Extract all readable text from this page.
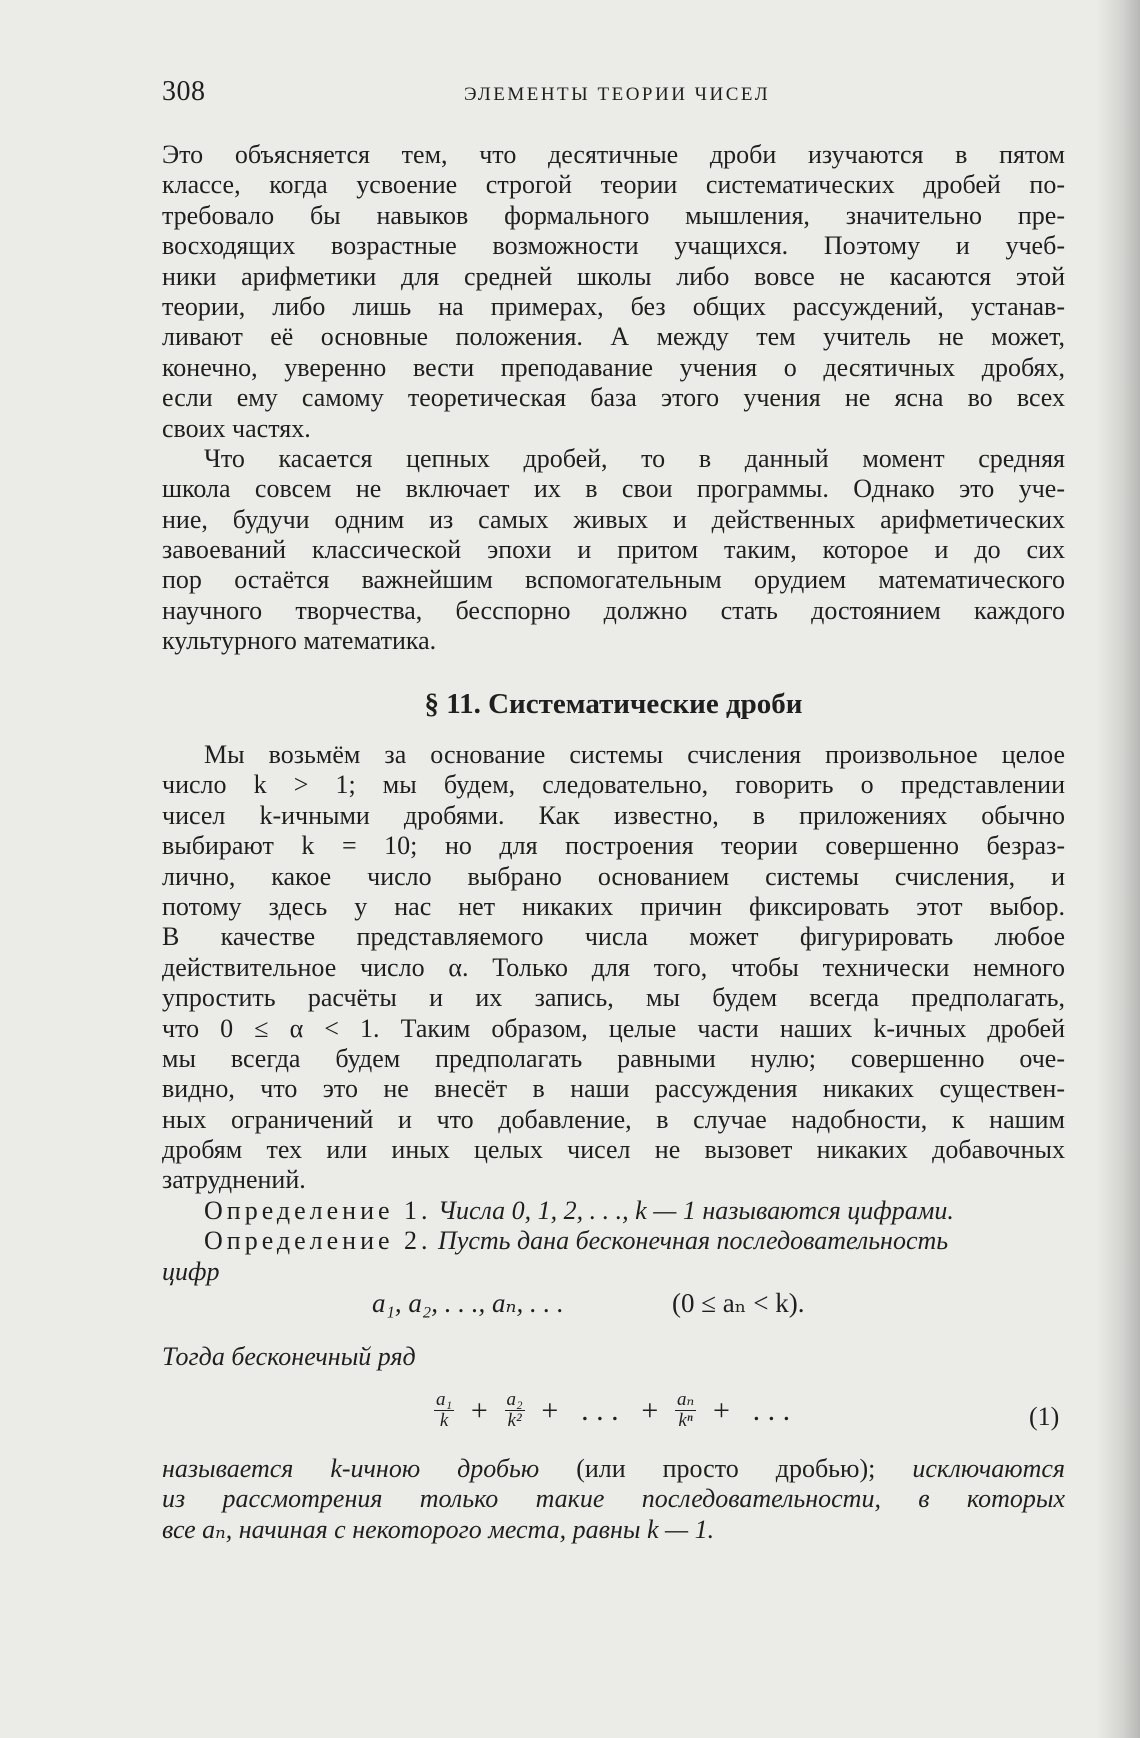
308	ЭЛЕМЕНТЫ ТЕОРИИ ЧИСЕЛ
Это объясняется тем, что десятичные дроби изучаются в пятом
классе, когда усвоение строгой теории систематических дробей по-
требовало бы навыков формального мышления, значительно пре-
восходящих возрастные возможности учащихся. Поэтому и учеб-
ники арифметики для средней школы либо вовсе не касаются этой
теории, либо лишь на примерах, без общих рассуждений, устанав-
ливают её основные положения. А между тем учитель не может,
конечно, уверенно вести преподавание учения о десятичных дробях,
если ему самому теоретическая база этого учения не ясна во всех
своих частях.
Что касается цепных дробей, то в данный момент средняя
школа совсем не включает их в свои программы. Однако это уче-
ние, будучи одним из самых живых и действенных арифметических
завоеваний классической эпохи и притом таким, которое и до сих
пор остаётся важнейшим вспомогательным орудием математического
научного творчества, бесспорно должно стать достоянием каждого
культурного математика.
§ 11. Систематические дроби
Мы возьмём за основание системы счисления произвольное целое
число k > 1; мы будем, следовательно, говорить о представлении
чисел k-ичными дробями. Как известно, в приложениях обычно
выбирают k = 10; но для построения теории совершенно безраз-
лично, какое число выбрано основанием системы счисления, и
потому здесь у нас нет никаких причин фиксировать этот выбор.
В качестве представляемого числа может фигурировать любое
действительное число α. Только для того, чтобы технически немного
упростить расчёты и их запись, мы будем всегда предполагать,
что 0 ≤ α < 1. Таким образом, целые части наших k-ичных дробей
мы всегда будем предполагать равными нулю; совершенно оче-
видно, что это не внесёт в наши рассуждения никаких существен-
ных ограничений и что добавление, в случае надобности, к нашим
дробям тех или иных целых чисел не вызовет никаких добавочных
затруднений.
Определение 1. Числа 0, 1, 2, . . ., k — 1 называются цифрами.
Определение 2. Пусть дана бесконечная последовательность
цифр
a₁, a₂, . . ., aₙ, . . .	(0 ≤ aₙ < k).
Тогда бесконечный ряд
$\frac{\text{a₁}}{k} + \frac{\text{a₂}}{\text{k²}}$ + . . . + $\frac{\text{aₙ}}{\text{kⁿ}}$ + . . .	(1)
называется k-ичною дробью (или просто дробью); исключаются
из рассмотрения только такие последовательности, в которых
все aₙ, начиная с некоторого места, равны k — 1.
